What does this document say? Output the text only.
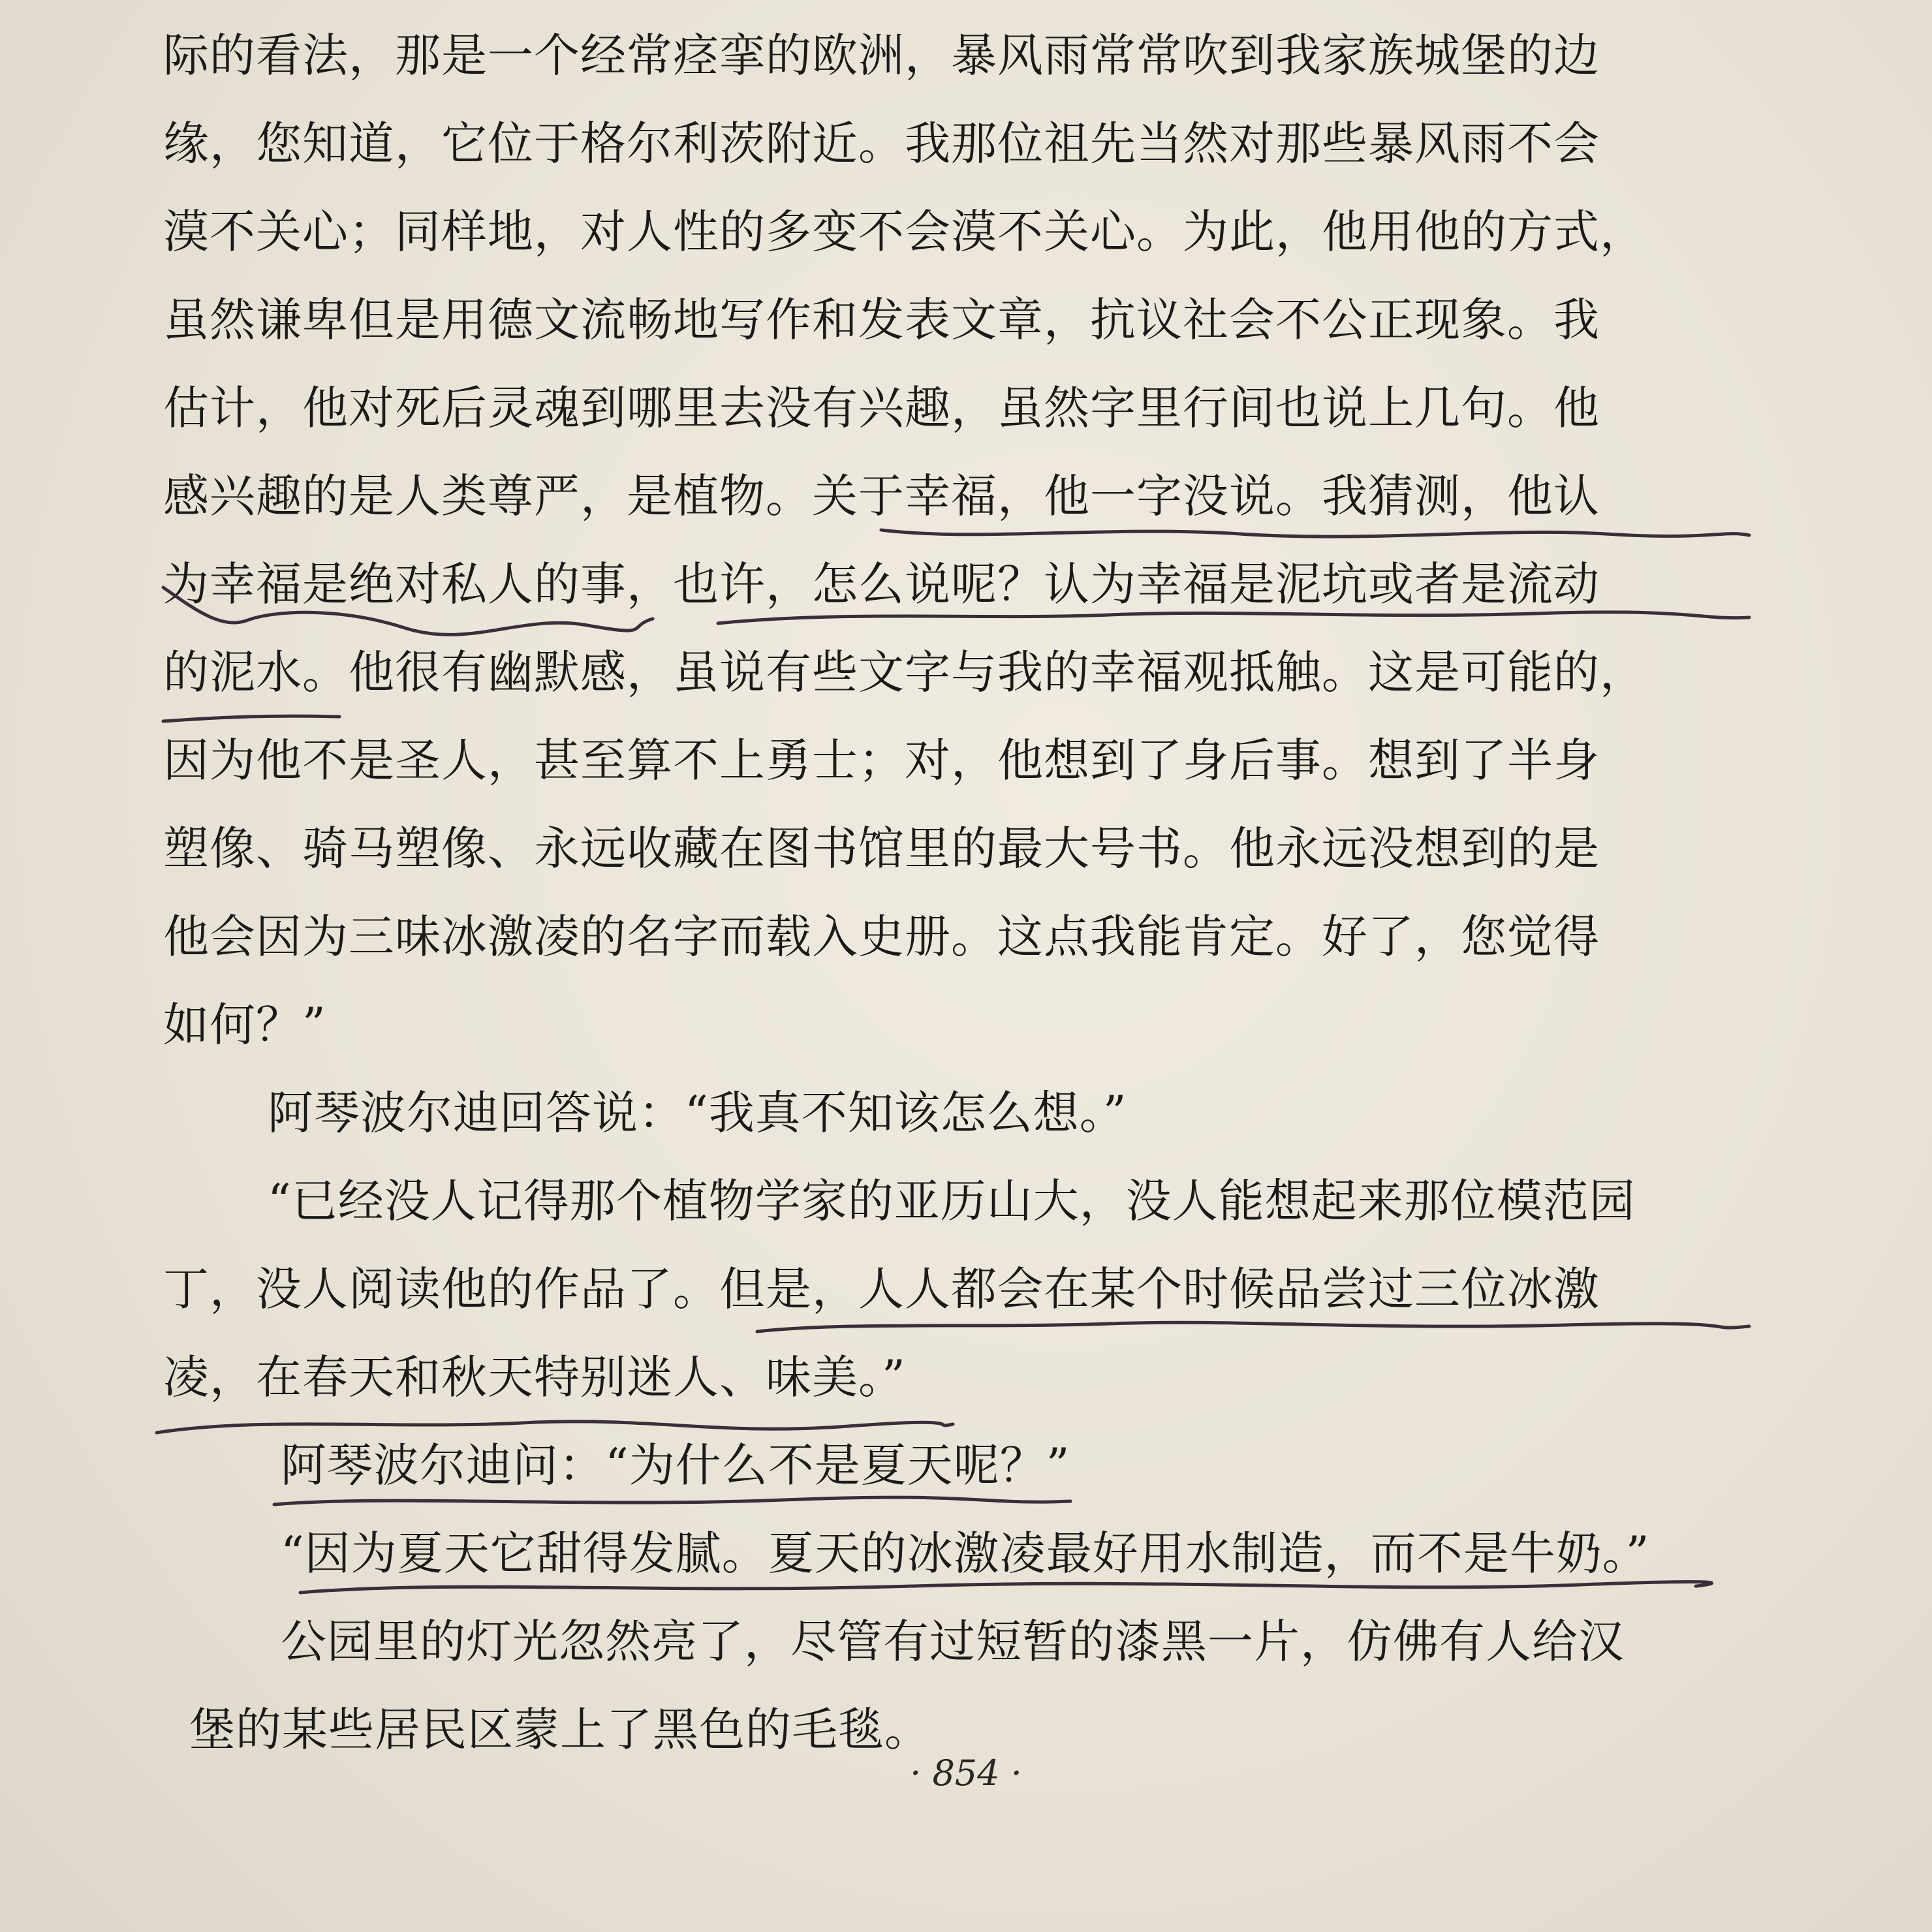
际的看法，那是一个经常痉挛的欧洲，暴风雨常常吹到我家族城堡的边
缘，您知道，它位于格尔利茨附近。我那位祖先当然对那些暴风雨不会
漠不关心；同样地，对人性的多变不会漠不关心。为此，他用他的方式，
虽然谦卑但是用德文流畅地写作和发表文章，抗议社会不公正现象。我
估计，他对死后灵魂到哪里去没有兴趣，虽然字里行间也说上几句。他
感兴趣的是人类尊严，是植物。关于幸福，他一字没说。我猜测，他认
为幸福是绝对私人的事，也许，怎么说呢？认为幸福是泥坑或者是流动
的泥水。他很有幽默感，虽说有些文字与我的幸福观抵触。这是可能的，
因为他不是圣人，甚至算不上勇士；对，他想到了身后事。想到了半身
塑像、骑马塑像、永远收藏在图书馆里的最大号书。他永远没想到的是
他会因为三味冰激凌的名字而载入史册。这点我能肯定。好了，您觉得
如何？”
阿琴波尔迪回答说：“我真不知该怎么想。”
“已经没人记得那个植物学家的亚历山大，没人能想起来那位模范园
丁，没人阅读他的作品了。但是，人人都会在某个时候品尝过三位冰激
凌，在春天和秋天特别迷人、味美。”
阿琴波尔迪问：“为什么不是夏天呢？”
“因为夏天它甜得发腻。夏天的冰激凌最好用水制造，而不是牛奶。”
公园里的灯光忽然亮了，尽管有过短暂的漆黑一片，仿佛有人给汉
堡的某些居民区蒙上了黑色的毛毯。
· 854 ·
